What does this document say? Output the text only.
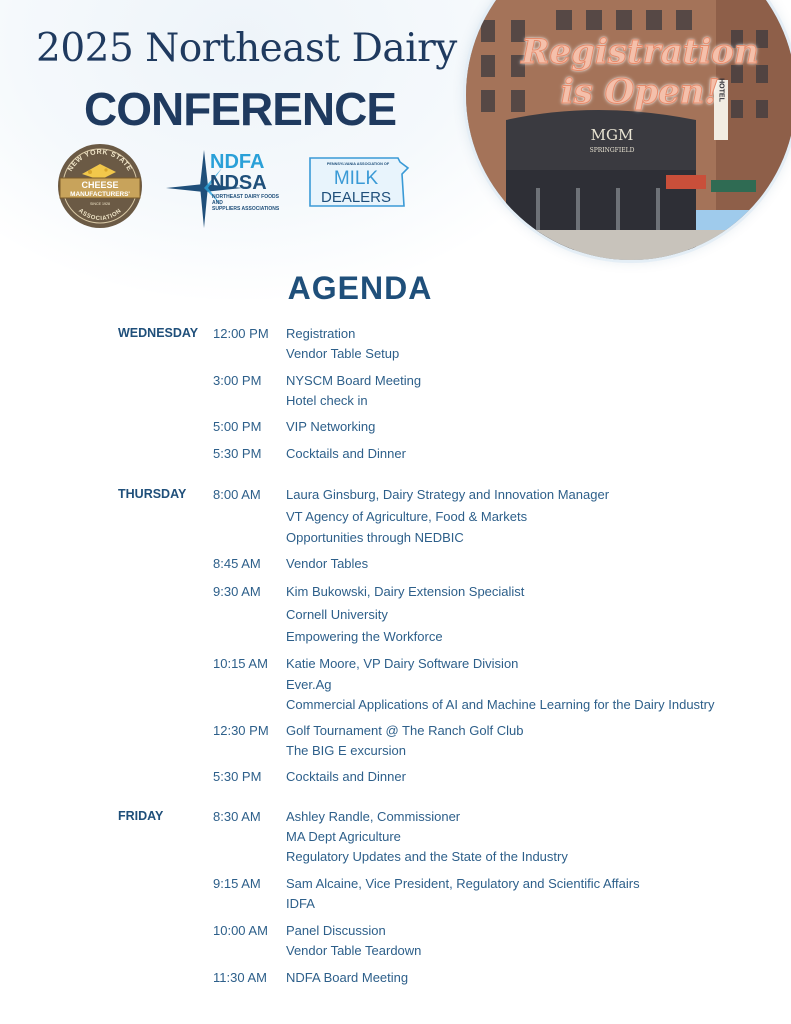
2025 Northeast Dairy
CONFERENCE
NEW YORK STATE
ASSOCIATION
CHEESE
MANUFACTURERS'
SINCE 1928
NDFA
NDSA
NORTHEAST DAIRY FOODS
AND
SUPPLIERS ASSOCIATIONS
PENNSYLVANIA ASSOCIATION OF
MILK
DEALERS
MGM
SPRINGFIELD
HOTEL
Registration
is Open!
AGENDA
WEDNESDAY 12:00 PM Registration
Vendor Table Setup
3:00 PM NYSCM Board Meeting
Hotel check in
5:00 PM VIP Networking
5:30 PM Cocktails and Dinner
THURSDAY 8:00 AM Laura Ginsburg, Dairy Strategy and Innovation Manager
VT Agency of Agriculture, Food & Markets
Opportunities through NEDBIC
8:45 AM Vendor Tables
9:30 AM Kim Bukowski, Dairy Extension Specialist
Cornell University
Empowering the Workforce
10:15 AM Katie Moore, VP Dairy Software Division
Ever.Ag
Commercial Applications of AI and Machine Learning for the Dairy Industry
12:30 PM Golf Tournament @ The Ranch Golf Club
The BIG E excursion
5:30 PM Cocktails and Dinner
FRIDAY	8:30 AM Ashley Randle, Commissioner
MA Dept Agriculture
Regulatory Updates and the State of the Industry
9:15 AM Sam Alcaine, Vice President, Regulatory and Scientific Affairs
IDFA
10:00 AM Panel Discussion
Vendor Table Teardown
11:30 AM NDFA Board Meeting
